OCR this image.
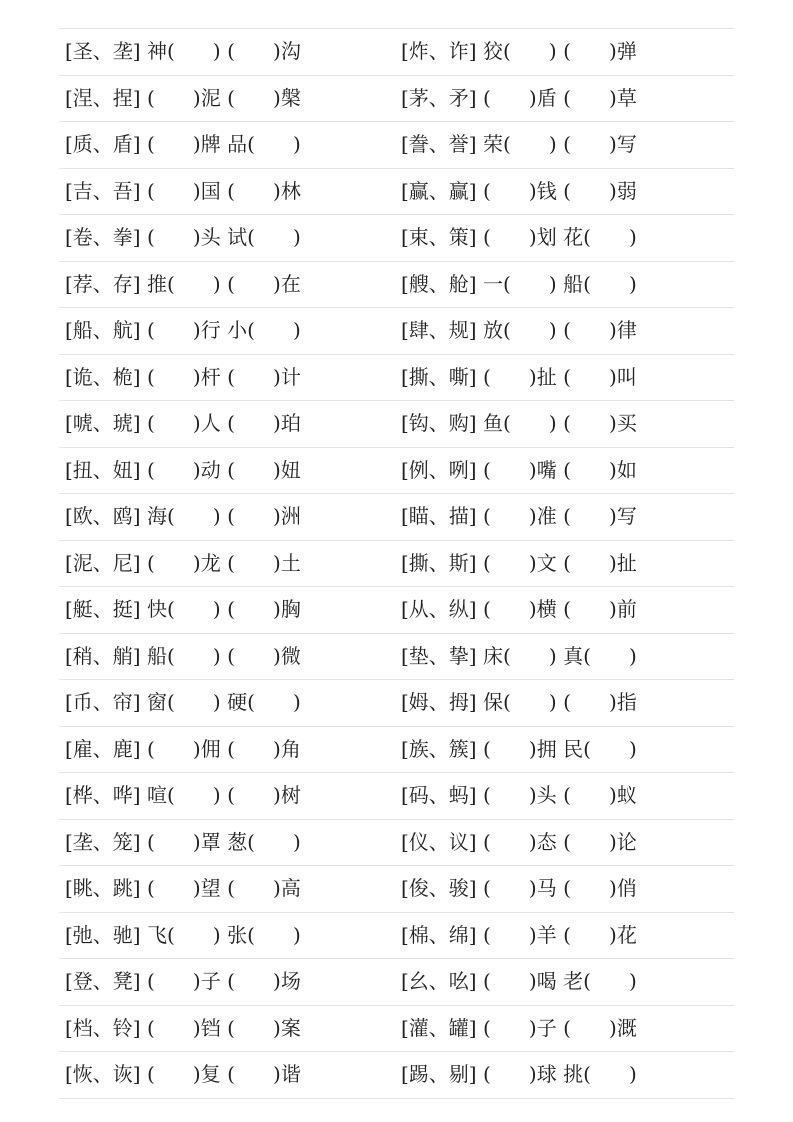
[圣、垄] 神(      ) (      )沟	[炸、诈] 狡(      ) (      )弹
[涅、捏] (      )泥 (      )槃	[茅、矛] (      )盾 (      )草
[质、盾] (      )牌 品(      )	[誊、誉] 荣(      ) (      )写
[吉、吾] (      )国 (      )林	[赢、赢] (      )钱 (      )弱
[卷、拳] (      )头 试(      )	[束、策] (      )划 花(      )
[荐、存] 推(      ) (      )在	[艘、舱] 一(      ) 船(      )
[船、航] (      )行 小(      )	[肆、规] 放(      ) (      )律
[诡、桅] (      )杆 (      )计	[撕、嘶] (      )扯 (      )叫
[唬、琥] (      )人 (      )珀	[钩、购] 鱼(      ) (      )买
[扭、妞] (      )动 (      )妞	[例、咧] (      )嘴 (      )如
[欧、鸥] 海(      ) (      )洲	[瞄、描] (      )准 (      )写
[泥、尼] (      )龙 (      )土	[撕、斯] (      )文 (      )扯
[艇、挺] 快(      ) (      )胸	[从、纵] (      )横 (      )前
[稍、艄] 船(      ) (      )微	[垫、挚] 床(      ) 真(      )
[币、帘] 窗(      ) 硬(      )	[姆、拇] 保(      ) (      )指
[雇、鹿] (      )佣 (      )角	[族、簇] (      )拥 民(      )
[桦、哗] 喧(      ) (      )树	[码、蚂] (      )头 (      )蚁
[垄、笼] (      )罩 葱(      )	[仪、议] (      )态 (      )论
[眺、跳] (      )望 (      )高	[俊、骏] (      )马 (      )俏
[弛、驰] 飞(      ) 张(      )	[棉、绵] (      )羊 (      )花
[登、凳] (      )子 (      )场	[幺、吆] (      )喝 老(      )
[档、铃] (      )铛 (      )案	[灌、罐] (      )子 (      )溉
[恢、诙] (      )复 (      )谐	[踢、剔] (      )球 挑(      )
